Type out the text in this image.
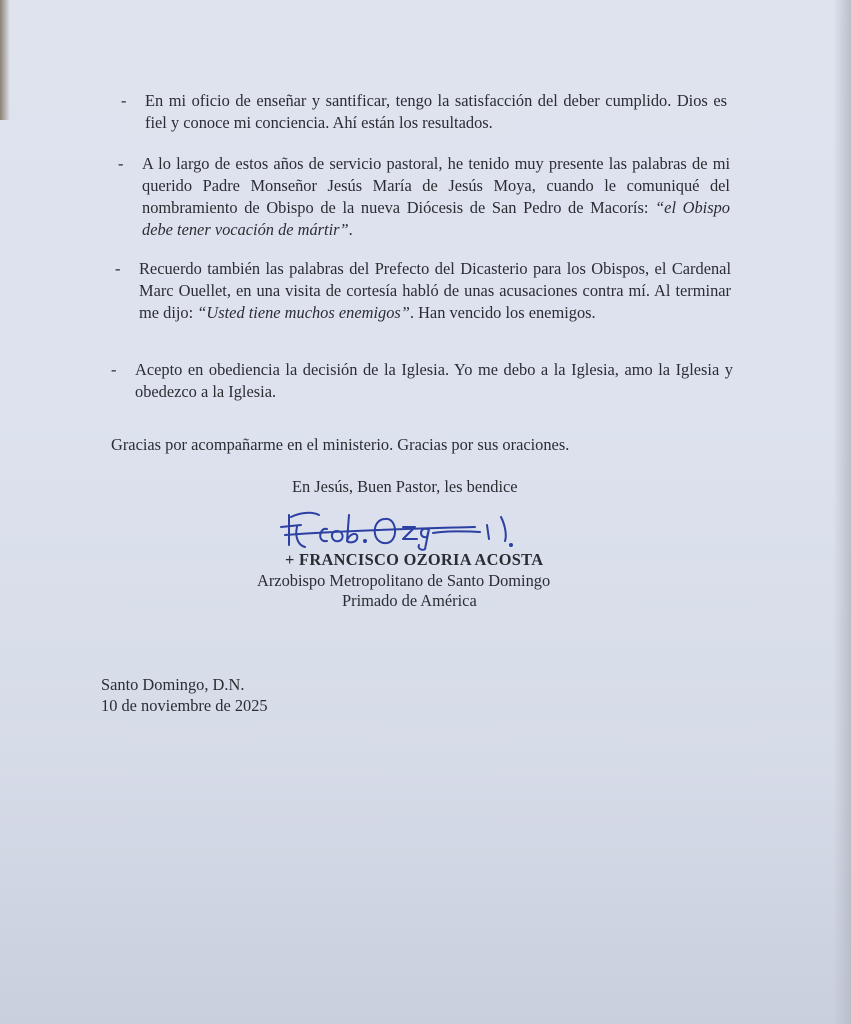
- En mi oficio de enseñar y santificar, tengo la satisfacción del deber cumplido. Dios es fiel y conoce mi conciencia. Ahí están los resultados.

- A lo largo de estos años de servicio pastoral, he tenido muy presente las palabras de mi querido Padre Monseñor Jesús María de Jesús Moya, cuando le comuniqué del nombramiento de Obispo de la nueva Diócesis de San Pedro de Macorís: “el Obispo debe tener vocación de mártir”.

- Recuerdo también las palabras del Prefecto del Dicasterio para los Obispos, el Cardenal Marc Ouellet, en una visita de cortesía habló de unas acusaciones contra mí. Al terminar me dijo: “Usted tiene muchos enemigos”. Han vencido los enemigos.

- Acepto en obediencia la decisión de la Iglesia. Yo me debo a la Iglesia, amo la Iglesia y obedezco a la Iglesia.

Gracias por acompañarme en el ministerio. Gracias por sus oraciones.

En Jesús, Buen Pastor, les bendice

+ FRANCISCO OZORIA ACOSTA

Arzobispo Metropolitano de Santo Domingo

Primado de América

Santo Domingo, D.N.

10 de noviembre de 2025
